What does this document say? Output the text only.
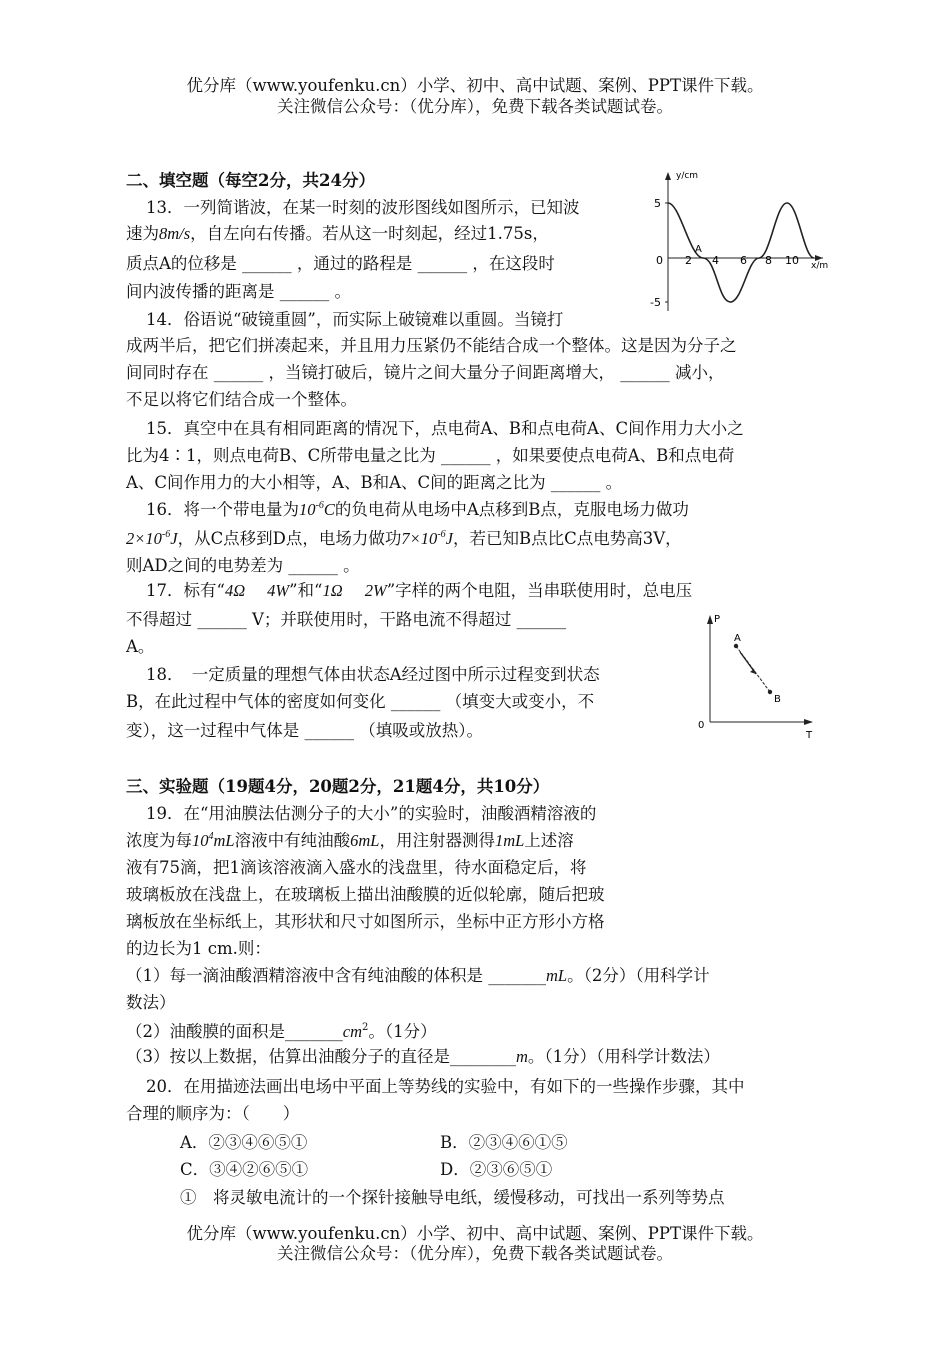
优分库（www.youfenku.cn）小学、初中、高中试题、案例、PPT课件下载。
关注微信公众号：（优分库），免费下载各类试题试卷。
二、填空题（每空2分，共24分）
13．一列简谐波，在某一时刻的波形图线如图所示，已知波
速为8m/s，自左向右传播。若从这一时刻起，经过1.75s，
质点A的位移是 ______ ，通过的路程是 ______ ，在这段时
间内波传播的距离是 ______ 。
y/cm
x/m
5
-5
0 2 4 6 8 10
A
14．俗语说“破镜重圆”，而实际上破镜难以重圆。当镜打
成两半后，把它们拼凑起来，并且用力压紧仍不能结合成一个整体。这是因为分子之
间同时存在 ______ ，当镜打破后，镜片之间大量分子间距离增大， ______ 减小，
不足以将它们结合成一个整体。
15．真空中在具有相同距离的情况下，点电荷A、B和点电荷A、C间作用力大小之
比为4∶1，则点电荷B、C所带电量之比为 ______ ，如果要使点电荷A、B和点电荷
A、C间作用力的大小相等，A、B和A、C间的距离之比为 ______ 。
16．将一个带电量为$10^{-6}C$的负电荷从电场中A点移到B点，克服电场力做功
$2\times 10^{-6}J$，从C点移到D点，电场力做功$7\times 10^{-6}J$，若已知B点比C点电势高3V，
则AD之间的电势差为 ______ 。
17．标有“4Ω 4W”和“1Ω 2W”字样的两个电阻，当串联使用时，总电压
不得超过 ______ V；并联使用时，干路电流不得超过 ______
A。
P
T
0
A
B
18．　一定质量的理想气体由状态A经过图中所示过程变到状态
B，在此过程中气体的密度如何变化 ______ （填变大或变小，不
变），这一过程中气体是 ______ （填吸或放热）。
三、实验题（19题4分，20题2分，21题4分，共10分）
19．在“用油膜法估测分子的大小”的实验时，油酸酒精溶液的
浓度为每$10^4mL$溶液中有纯油酸6mL，用注射器测得1mL上述溶
液有75滴，把1滴该溶液滴入盛水的浅盘里，待水面稳定后，将
玻璃板放在浅盘上，在玻璃板上描出油酸膜的近似轮廓，随后把玻
璃板放在坐标纸上，其形状和尺寸如图所示，坐标中正方形小方格
的边长为1 cm.则：
（1）每一滴油酸酒精溶液中含有纯油酸的体积是 _______mL。（2分）（用科学计
数法）
（2）油酸膜的面积是$\_\_\_\_\_\_\_cm^2$。（1分）
（3）按以上数据，估算出油酸分子的直径是________m。（1分）（用科学计数法）
20．在用描迹法画出电场中平面上等势线的实验中，有如下的一些操作步骤，其中
合理的顺序为：（　　）
A．②③④⑥⑤①	B．②③④⑥①⑤
C．③④②⑥⑤①	D．②③⑥⑤①
①　将灵敏电流计的一个探针接触导电纸，缓慢移动，可找出一系列等势点
优分库（www.youfenku.cn）小学、初中、高中试题、案例、PPT课件下载。
关注微信公众号：（优分库），免费下载各类试题试卷。
